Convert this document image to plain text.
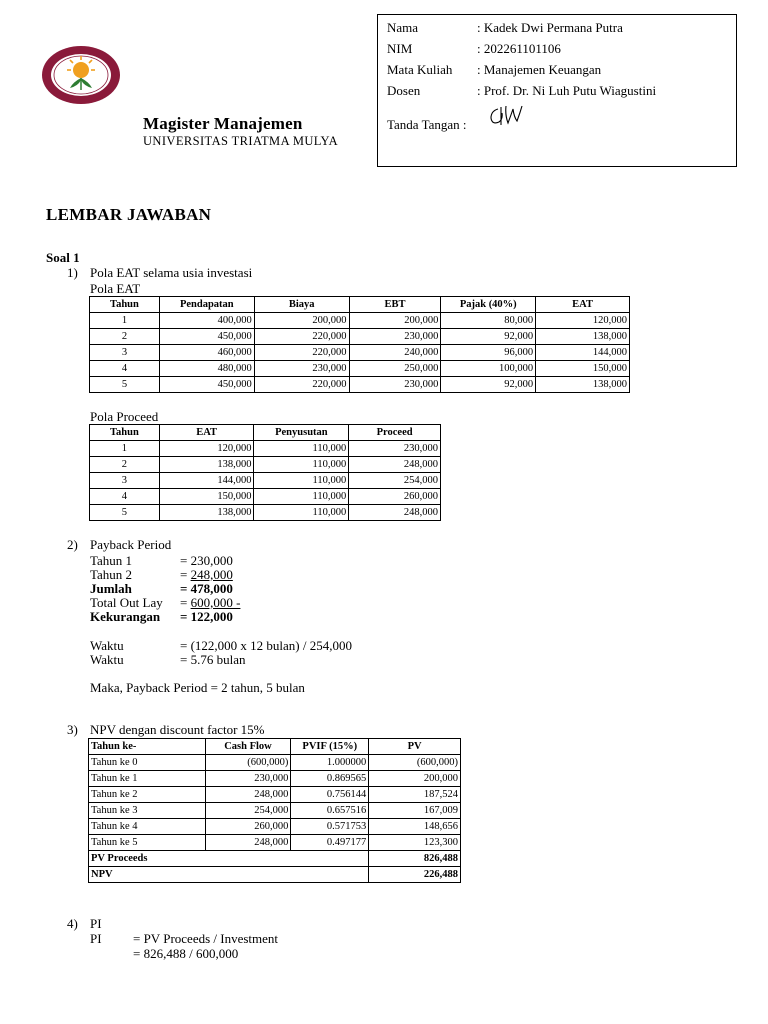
Magister Manajemen
UNIVERSITAS TRIATMA MULYA
Nama	: Kadek Dwi Permana Putra
NIM	: 202261101106
Mata Kuliah : Manajemen Keuangan
Dosen	: Prof. Dr. Ni Luh Putu Wiagustini
Tanda Tangan :
LEMBAR JAWABAN
Soal 1
1) Pola EAT selama usia investasi
Pola EAT
Tahun	Pendapatan	Biaya	EBT	Pajak (40%)	EAT
1	400,000	200,000	200,000	80,000	120,000
2	450,000	220,000	230,000	92,000	138,000
3	460,000	220,000	240,000	96,000	144,000
4	480,000	230,000	250,000	100,000	150,000
5	450,000	220,000	230,000	92,000	138,000
Pola Proceed
Tahun	EAT	Penyusutan	Proceed
1	120,000	110,000	230,000
2	138,000	110,000	248,000
3	144,000	110,000	254,000
4	150,000	110,000	260,000
5	138,000	110,000	248,000
2) Payback Period
Tahun 1	= 230,000
Tahun 2	= 248,000
Jumlah	= 478,000
Total Out Lay = 600,000 -
Kekurangan = 122,000
Waktu	= (122,000 x 12 bulan) / 254,000
Waktu	= 5.76 bulan
Maka, Payback Period = 2 tahun, 5 bulan
3) NPV dengan discount factor 15%
Tahun ke-	Cash Flow	PVIF (15%)	PV
Tahun ke 0	(600,000)	1.000000	(600,000)
Tahun ke 1	230,000	0.869565	200,000
Tahun ke 2	248,000	0.756144	187,524
Tahun ke 3	254,000	0.657516	167,009
Tahun ke 4	260,000	0.571753	148,656
Tahun ke 5	248,000	0.497177	123,300
PV Proceeds			826,488
NPV			226,488
4) PI
PI = PV Proceeds / Investment
= 826,488 / 600,000
